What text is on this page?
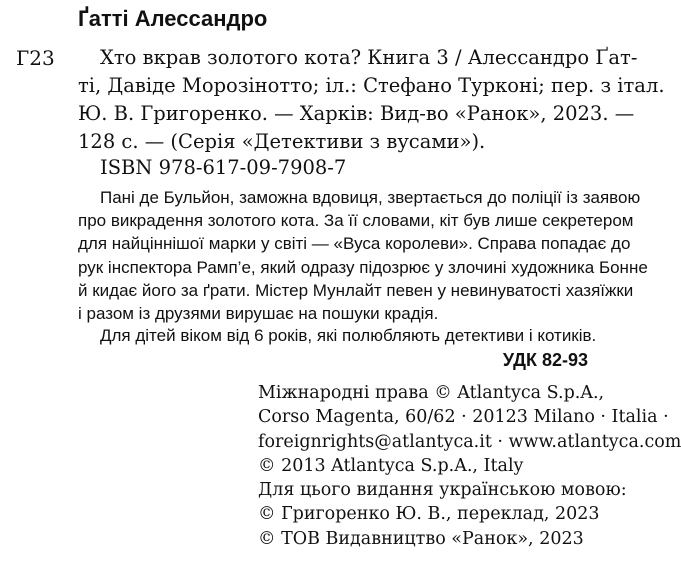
Ґатті Алессандро
Г23	Хто вкрав золотого кота? Книга 3 / Алессандро Ґат-
ті, Давіде Морозінотто; іл.: Стефано Турконі; пер. з італ.
Ю. В. Григоренко. — Харків: Вид-во «Ранок», 2023. —
128 с. — (Серія «Детективи з вусами»).
ISBN 978-617-09-7908-7
Пані де Бульйон, заможна вдовиця, звертається до поліції із заявою
про викрадення золотого кота. За її словами, кіт був лише секретером
для найціннішої марки у світі — «Вуса королеви». Справа попадає до
рук інспектора Рамп’е, який одразу підозрює у злочині художника Бонне
й кидає його за ґрати. Містер Мунлайт певен у невинуватості хазяїжки
і разом із друзями вирушає на пошуки крадія.
Для дітей віком від 6 років, які полюбляють детективи і котиків.
УДК 82-93
Міжнародні права © Atlantyca S.p.A.,
Corso Magenta, 60/62 · 20123 Milano · Italia ·
foreignrights@atlantyca.it · www.atlantyca.com
© 2013 Atlantyca S.p.A., Italy
Для цього видання українською мовою:
© Григоренко Ю. В., переклад, 2023
© ТОВ Видавництво «Ранок», 2023
